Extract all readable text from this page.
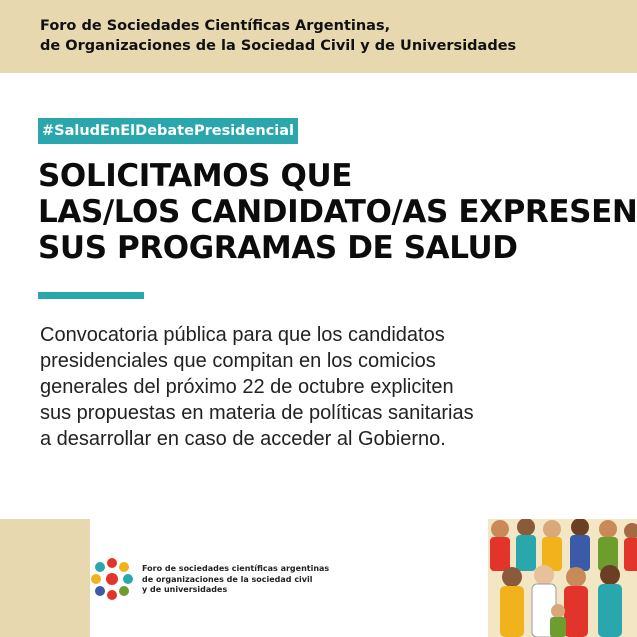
Foro de Sociedades Científicas Argentinas,
de Organizaciones de la Sociedad Civil y de Universidades
#SaludEnElDebatePresidencial
SOLICITAMOS QUE
LAS/LOS CANDIDATO/AS EXPRESEN
SUS PROGRAMAS DE SALUD
Convocatoria pública para que los candidatos
presidenciales que compitan en los comicios
generales del próximo 22 de octubre expliciten
sus propuestas en materia de políticas sanitarias
a desarrollar en caso de acceder al Gobierno.
Foro de sociedades científicas argentinas
de organizaciones de la sociedad civil
y de universidades
